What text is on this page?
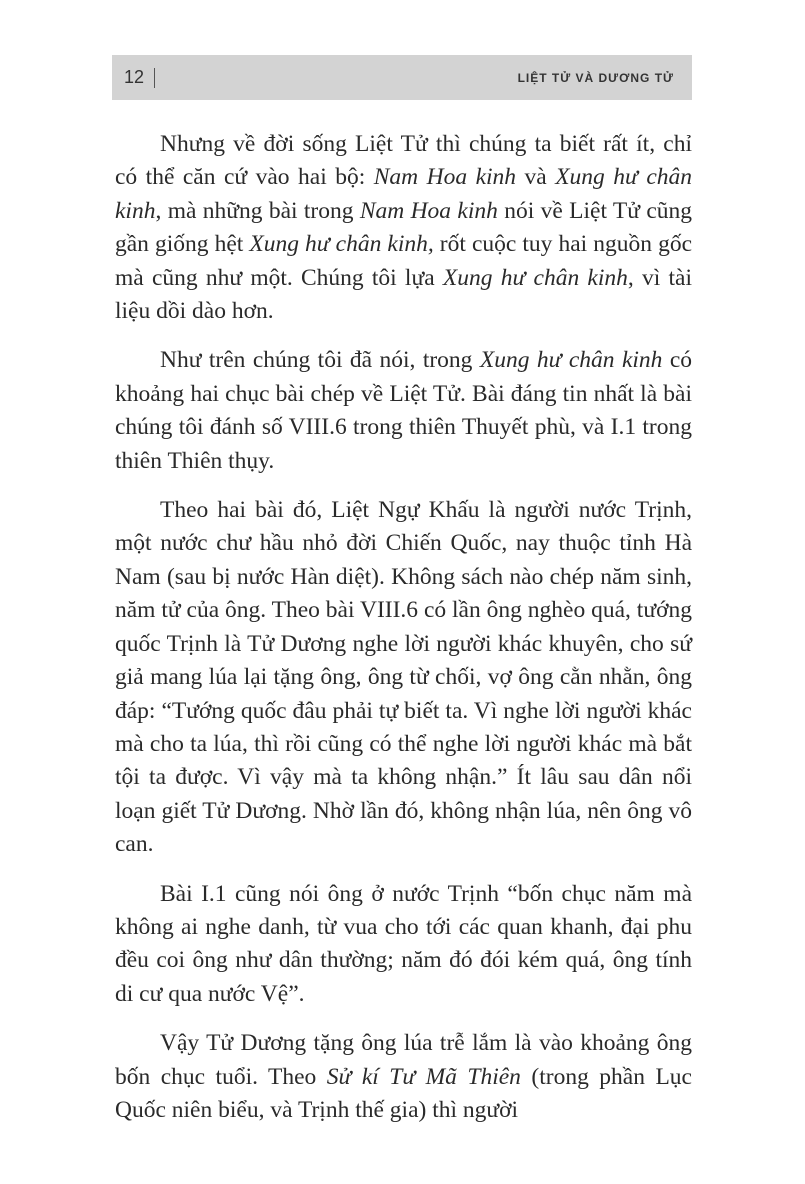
12	LIỆT TỬ VÀ DƯƠNG TỬ

Nhưng về đời sống Liệt Tử thì chúng ta biết rất ít, chỉ có thể căn cứ vào hai bộ: Nam Hoa kinh và Xung hư chân kinh, mà những bài trong Nam Hoa kinh nói về Liệt Tử cũng gần giống hệt Xung hư chân kinh, rốt cuộc tuy hai nguồn gốc mà cũng như một. Chúng tôi lựa Xung hư chân kinh, vì tài liệu dồi dào hơn.

Như trên chúng tôi đã nói, trong Xung hư chân kinh có khoảng hai chục bài chép về Liệt Tử. Bài đáng tin nhất là bài chúng tôi đánh số VIII.6 trong thiên Thuyết phù, và I.1 trong thiên Thiên thụy.

Theo hai bài đó, Liệt Ngự Khấu là người nước Trịnh, một nước chư hầu nhỏ đời Chiến Quốc, nay thuộc tỉnh Hà Nam (sau bị nước Hàn diệt). Không sách nào chép năm sinh, năm tử của ông. Theo bài VIII.6 có lần ông nghèo quá, tướng quốc Trịnh là Tử Dương nghe lời người khác khuyên, cho sứ giả mang lúa lại tặng ông, ông từ chối, vợ ông cằn nhằn, ông đáp: “Tướng quốc đâu phải tự biết ta. Vì nghe lời người khác mà cho ta lúa, thì rồi cũng có thể nghe lời người khác mà bắt tội ta được. Vì vậy mà ta không nhận.” Ít lâu sau dân nổi loạn giết Tử Dương. Nhờ lần đó, không nhận lúa, nên ông vô can.

Bài I.1 cũng nói ông ở nước Trịnh “bốn chục năm mà không ai nghe danh, từ vua cho tới các quan khanh, đại phu đều coi ông như dân thường; năm đó đói kém quá, ông tính di cư qua nước Vệ”.

Vậy Tử Dương tặng ông lúa trễ lắm là vào khoảng ông bốn chục tuổi. Theo Sử kí Tư Mã Thiên (trong phần Lục Quốc niên biểu, và Trịnh thế gia) thì người
